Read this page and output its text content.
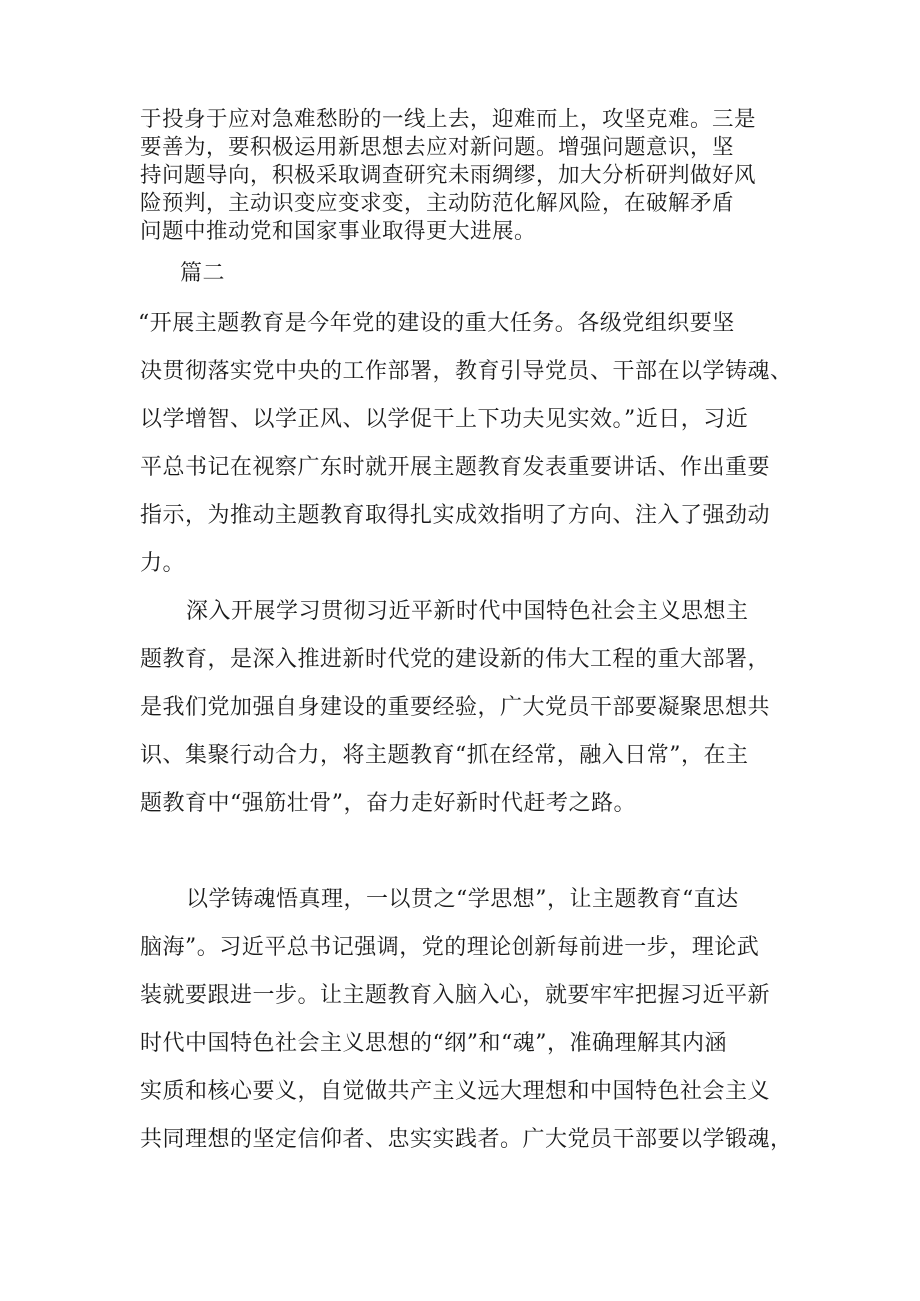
于投身于应对急难愁盼的一线上去，迎难而上，攻坚克难。三是

要善为，要积极运用新思想去应对新问题。增强问题意识，坚

持问题导向，积极采取调查研究未雨绸缪，加大分析研判做好风

险预判，主动识变应变求变，主动防范化解风险，在破解矛盾

问题中推动党和国家事业取得更大进展。

篇二

“开展主题教育是今年党的建设的重大任务。各级党组织要坚

决贯彻落实党中央的工作部署，教育引导党员、干部在以学铸魂、

以学增智、以学正风、以学促干上下功夫见实效。”近日，习近

平总书记在视察广东时就开展主题教育发表重要讲话、作出重要

指示，为推动主题教育取得扎实成效指明了方向、注入了强劲动

力。

深入开展学习贯彻习近平新时代中国特色社会主义思想主

题教育，是深入推进新时代党的建设新的伟大工程的重大部署，

是我们党加强自身建设的重要经验，广大党员干部要凝聚思想共

识、集聚行动合力，将主题教育“抓在经常，融入日常”，在主

题教育中“强筋壮骨”，奋力走好新时代赶考之路。

以学铸魂悟真理，一以贯之“学思想”，让主题教育“直达

脑海”。习近平总书记强调，党的理论创新每前进一步，理论武

装就要跟进一步。让主题教育入脑入心，就要牢牢把握习近平新

时代中国特色社会主义思想的“纲”和“魂”，准确理解其内涵

实质和核心要义，自觉做共产主义远大理想和中国特色社会主义

共同理想的坚定信仰者、忠实实践者。广大党员干部要以学锻魂，
